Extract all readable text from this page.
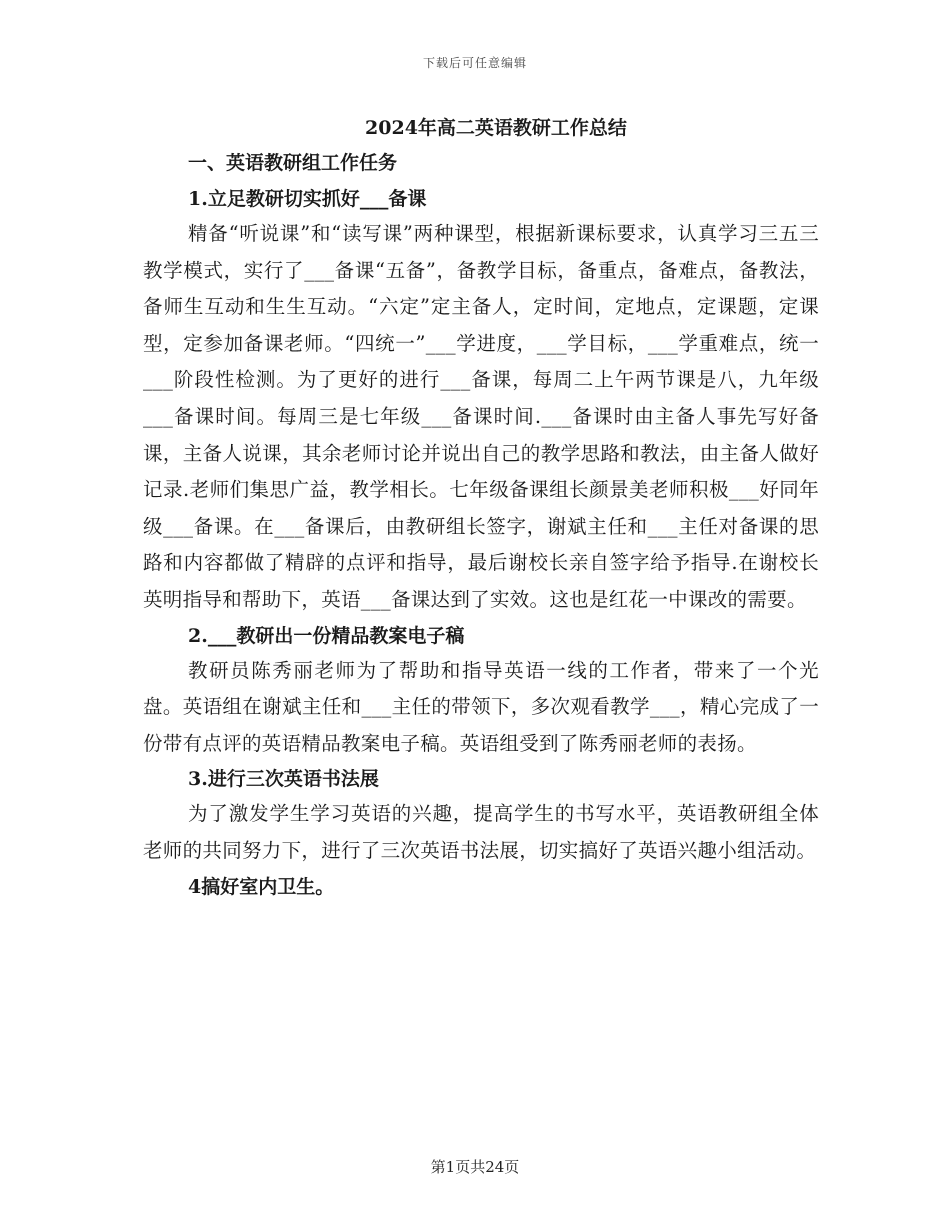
下载后可任意编辑
2024年高二英语教研工作总结
一、英语教研组工作任务
1.立足教研切实抓好___备课

精备“听说课”和“读写课”两种课型，根据新课标要求，认真学习三五三教学模式，实行了___备课“五备”，备教学目标，备重点，备难点，备教法，备师生互动和生生互动。“六定”定主备人，定时间，定地点，定课题，定课型，定参加备课老师。“四统一”___学进度，___学目标，___学重难点，统一___阶段性检测。为了更好的进行___备课，每周二上午两节课是八，九年级___备课时间。每周三是七年级___备课时间.___备课时由主备人事先写好备课，主备人说课，其余老师讨论并说出自己的教学思路和教法，由主备人做好记录.老师们集思广益，教学相长。七年级备课组长颜景美老师积极___好同年级___备课。在___备课后，由教研组长签字，谢斌主任和___主任对备课的思路和内容都做了精辟的点评和指导，最后谢校长亲自签字给予指导.在谢校长英明指导和帮助下，英语___备课达到了实效。这也是红花一中课改的需要。

2.___教研出一份精品教案电子稿

教研员陈秀丽老师为了帮助和指导英语一线的工作者，带来了一个光盘。英语组在谢斌主任和___主任的带领下，多次观看教学___，精心完成了一份带有点评的英语精品教案电子稿。英语组受到了陈秀丽老师的表扬。

3.进行三次英语书法展

为了激发学生学习英语的兴趣，提高学生的书写水平，英语教研组全体老师的共同努力下，进行了三次英语书法展，切实搞好了英语兴趣小组活动。

4搞好室内卫生。
第1页共24页
